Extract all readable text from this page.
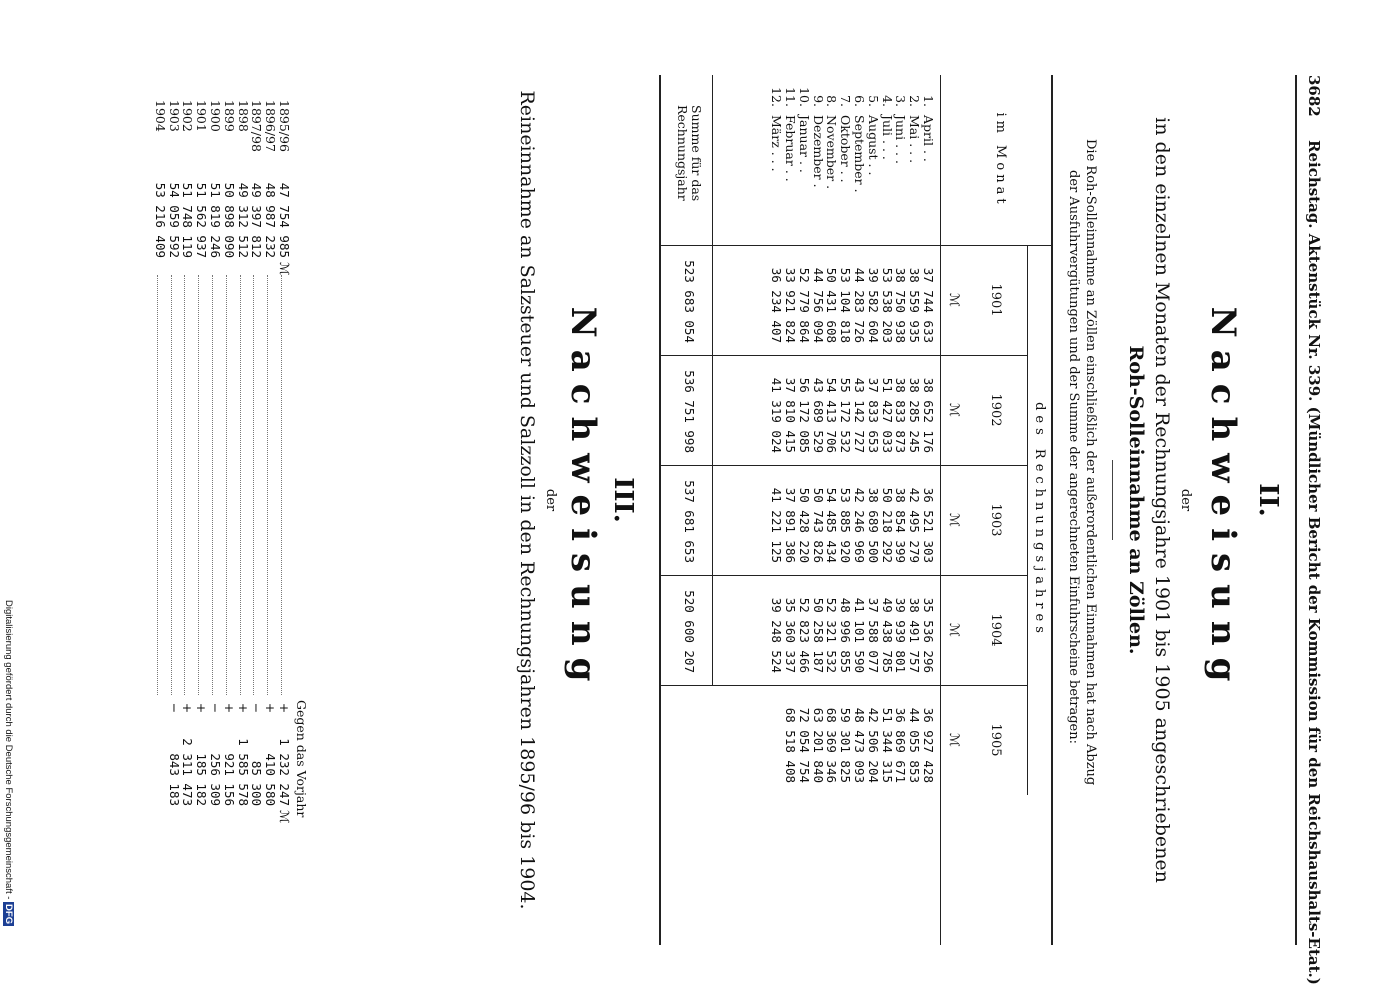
3682 Reichstag. Aktenstück Nr. 339. (Mündlicher Bericht der Kommission für den Reichshaushalts-Etat.)
II.
Nachweisung
der
in den einzelnen Monaten der Rechnungsjahre 1901 bis 1905 angeschriebenen
Roh-Solleinnahme an Zöllen.
Die Roh-Solleinnahme an Zöllen einschließlich der außerordentlichen Einnahmen hat nach Abzug
der Ausfuhrvergütungen und der Summe der angerechneten Einfuhrscheine betragen:
im Monat
des Rechnungsjahres
1901
ℳ
1902
ℳ
1903
ℳ
1904
ℳ
1905
ℳ
1.
April . .
37 744 633
38 652 176
36 521 303
35 536 296
36 927 428
2.
Mai . . .
38 559 935
38 285 245
42 495 279
38 491 757
44 055 853
3.
Juni . . .
38 750 938
38 833 873
38 854 399
39 939 801
36 869 671
4.
Juli . . .
53 538 203
51 427 033
50 218 292
49 438 785
51 344 315
5.
August . .
39 582 604
37 833 653
38 689 500
37 588 077
42 506 204
6.
September .
44 283 726
43 142 727
42 246 969
41 101 590
48 473 093
7.
Oktober . .
53 104 818
55 172 532
53 885 920
48 996 855
59 301 825
8.
November .
50 431 608
54 413 706
54 485 434
52 321 532
68 369 346
9.
Dezember .
44 756 094
43 689 529
50 743 826
50 258 187
63 201 840
10.
Januar . .
52 779 864
56 172 085
50 428 220
52 823 466
72 054 754
11.
Februar . .
33 921 824
37 810 415
37 891 386
35 360 337
68 518 408
12.
März . . .
36 234 407
41 319 024
41 221 125
39 248 524
Summe für das
Rechnungsjahr
523 683 054
536 751 998
537 681 653
520 600 207
III.
Nachweisung
der
Reineinnahme an Salzsteuer und Salzzoll in den Rechnungsjahren 1895/96 bis 1904.
Gegen das Vorjahr
1895/96
47 754 985
+
1 232 247
ℳ
ℳ
1896/97
48 987 232
+
410 580
1897/98
49 397 812
−
85 300
1898
49 312 512
+
1 585 578
1899
50 898 090
+
921 156
1900
51 819 246
−
256 309
1901
51 562 937
+
185 182
1902
51 748 119
+
2 311 473
1903
54 059 592
−
843 183
1904
53 216 409
Digitalisierung gefördert durch die Deutsche Forschungsgemeinschaft - DFG
